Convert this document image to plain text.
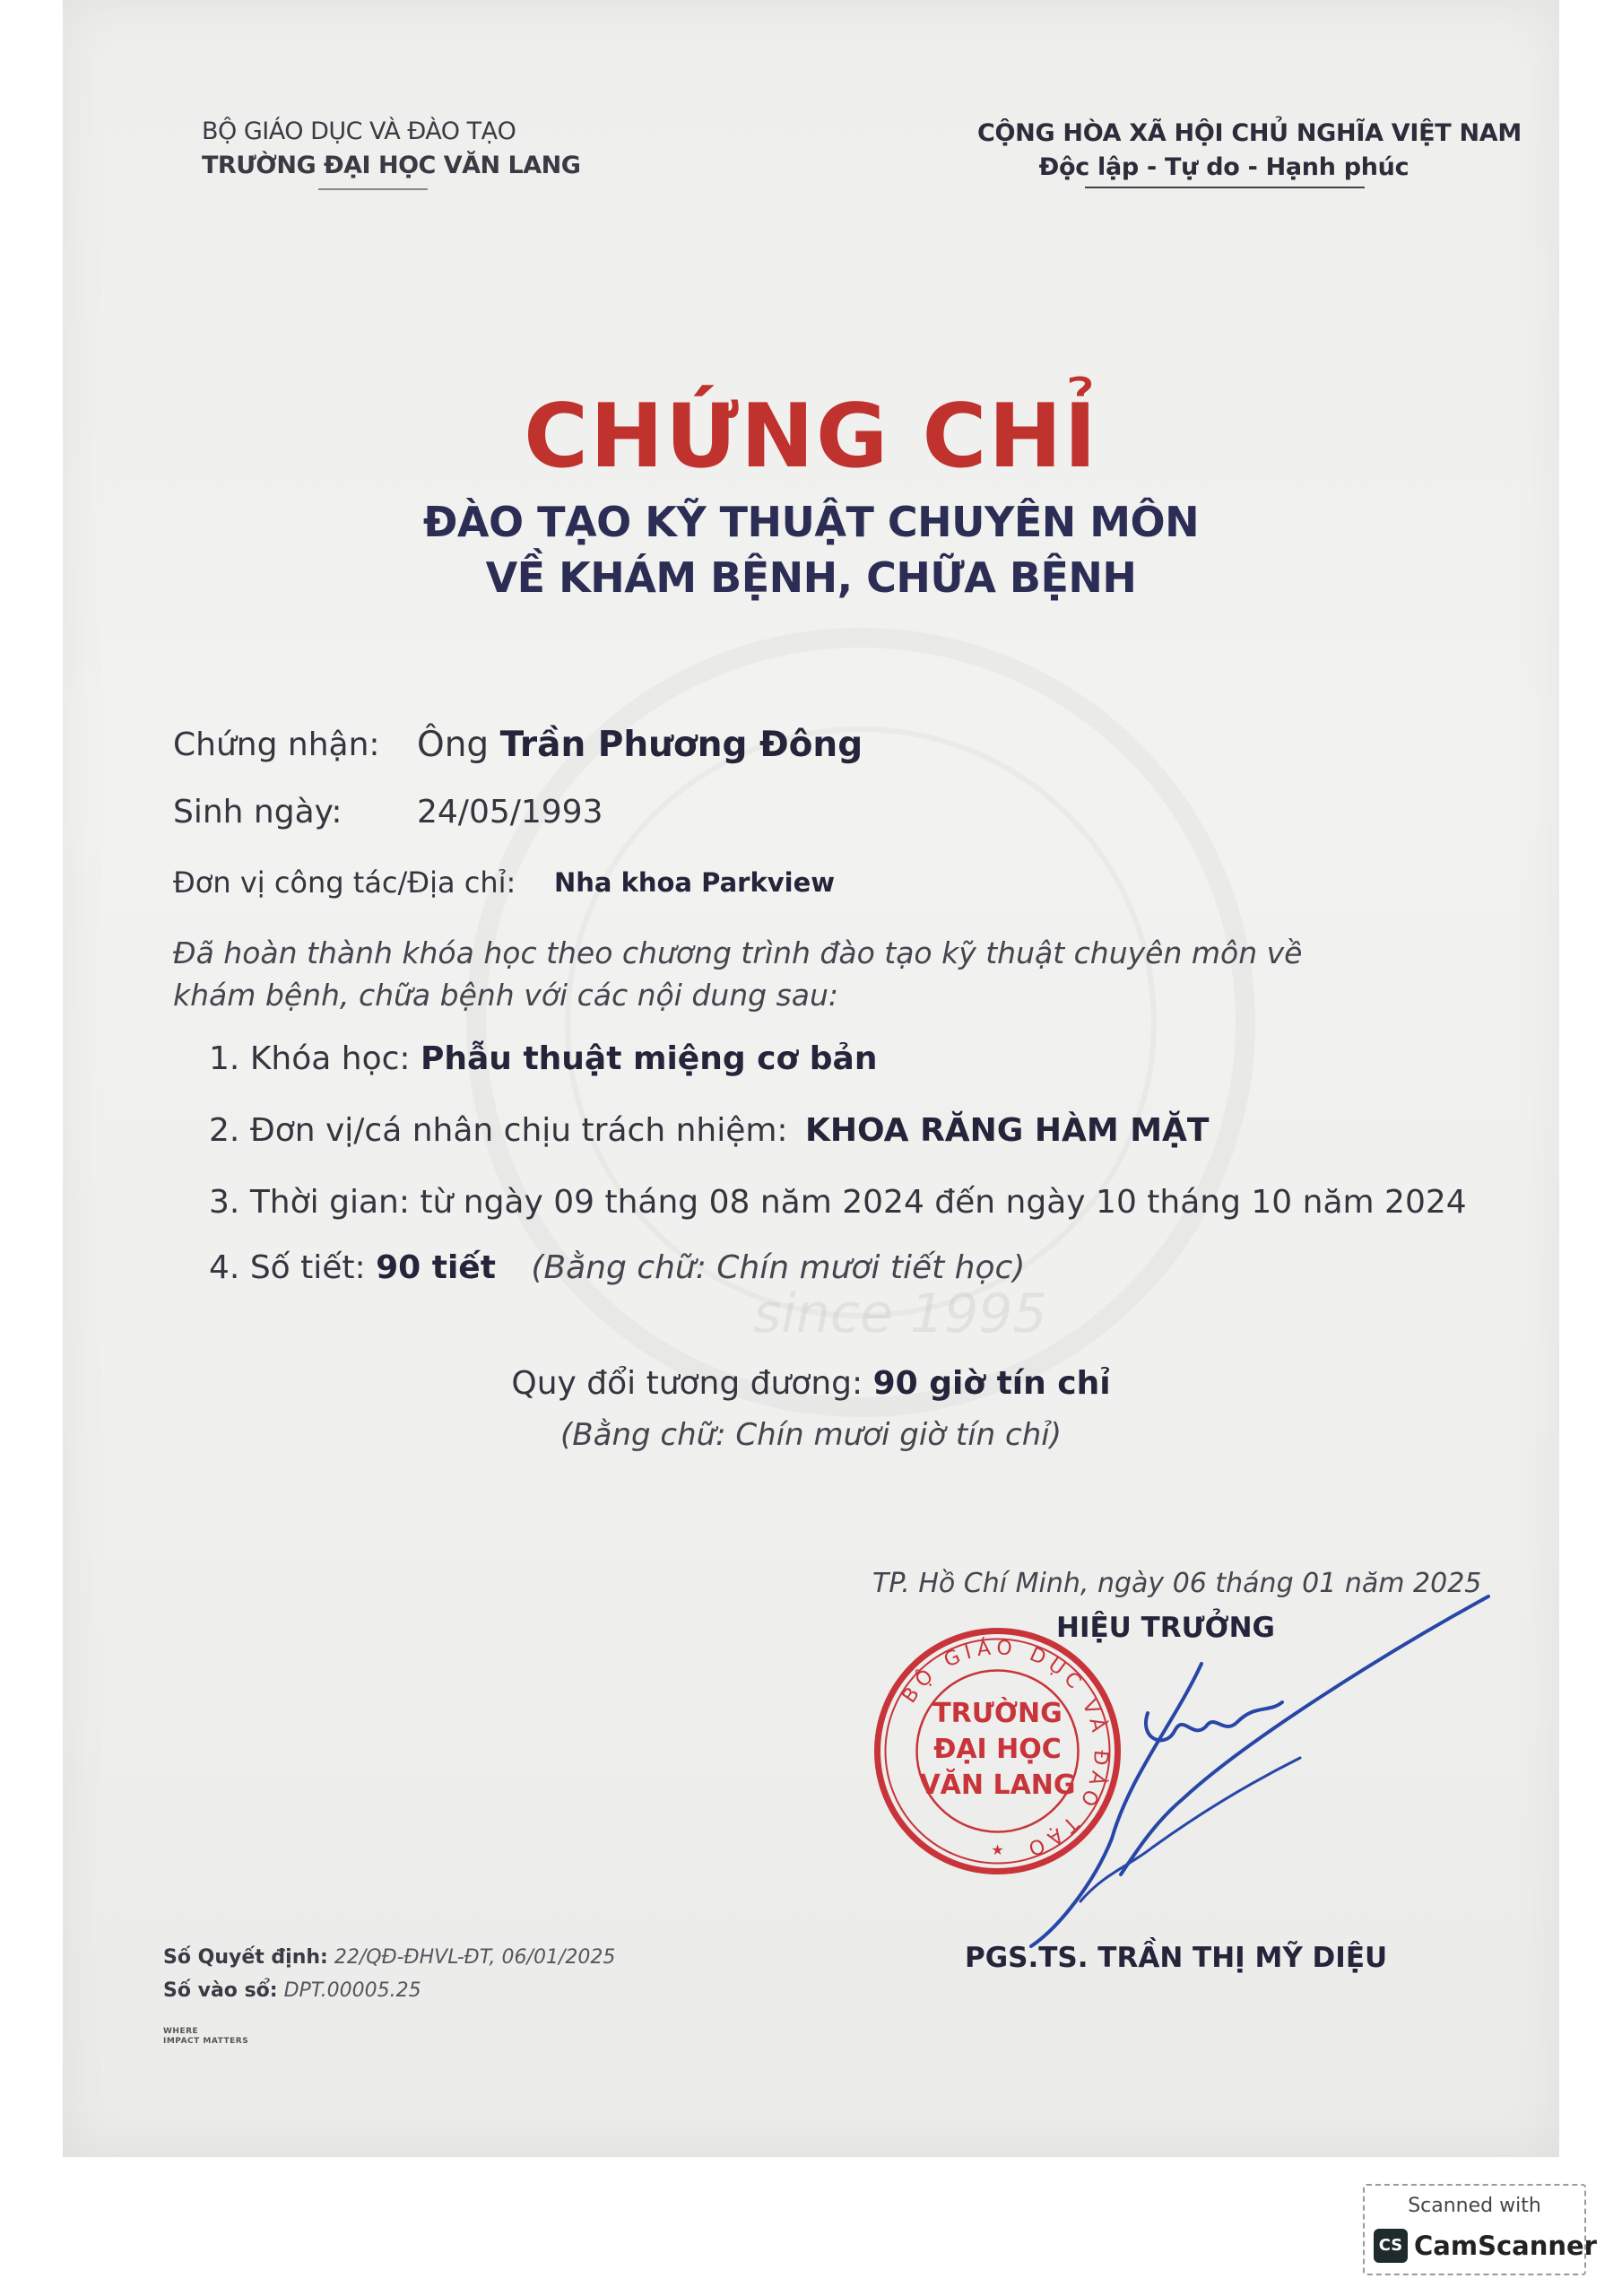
since 1995
BỘ GIÁO DỤC VÀ ĐÀO TẠO
TRƯỜNG ĐẠI HỌC VĂN LANG
CỘNG HÒA XÃ HỘI CHỦ NGHĨA VIỆT NAM
Độc lập - Tự do - Hạnh phúc
CHỨNG CHỈ
ĐÀO TẠO KỸ THUẬT CHUYÊN MÔN
VỀ KHÁM BỆNH, CHỮA BỆNH
Chứng nhận: Ông Trần Phương Đông
Sinh ngày: 24/05/1993
Đơn vị công tác/Địa chỉ: Nha khoa Parkview
Đã hoàn thành khóa học theo chương trình đào tạo kỹ thuật chuyên môn về
khám bệnh, chữa bệnh với các nội dung sau:
1. Khóa học: Phẫu thuật miệng cơ bản
2. Đơn vị/cá nhân chịu trách nhiệm: KHOA RĂNG HÀM MẶT
3. Thời gian: từ ngày 09 tháng 08 năm 2024 đến ngày 10 tháng 10 năm 2024
4. Số tiết: 90 tiết (Bằng chữ: Chín mươi tiết học)
Quy đổi tương đương: 90 giờ tín chỉ
(Bằng chữ: Chín mươi giờ tín chỉ)
TP. Hồ Chí Minh, ngày 06 tháng 01 năm 2025
HIỆU TRƯỞNG
BỘ GIÁO DỤC VÀ ĐÀO TẠO
TRƯỜNG
ĐẠI HỌC
VĂN LANG
★
PGS.TS. TRẦN THỊ MỸ DIỆU
Số Quyết định: 22/QĐ-ĐHVL-ĐT, 06/01/2025
Số vào sổ: DPT.00005.25
WHERE
IMPACT MATTERS
Scanned with
CS CamScanner
